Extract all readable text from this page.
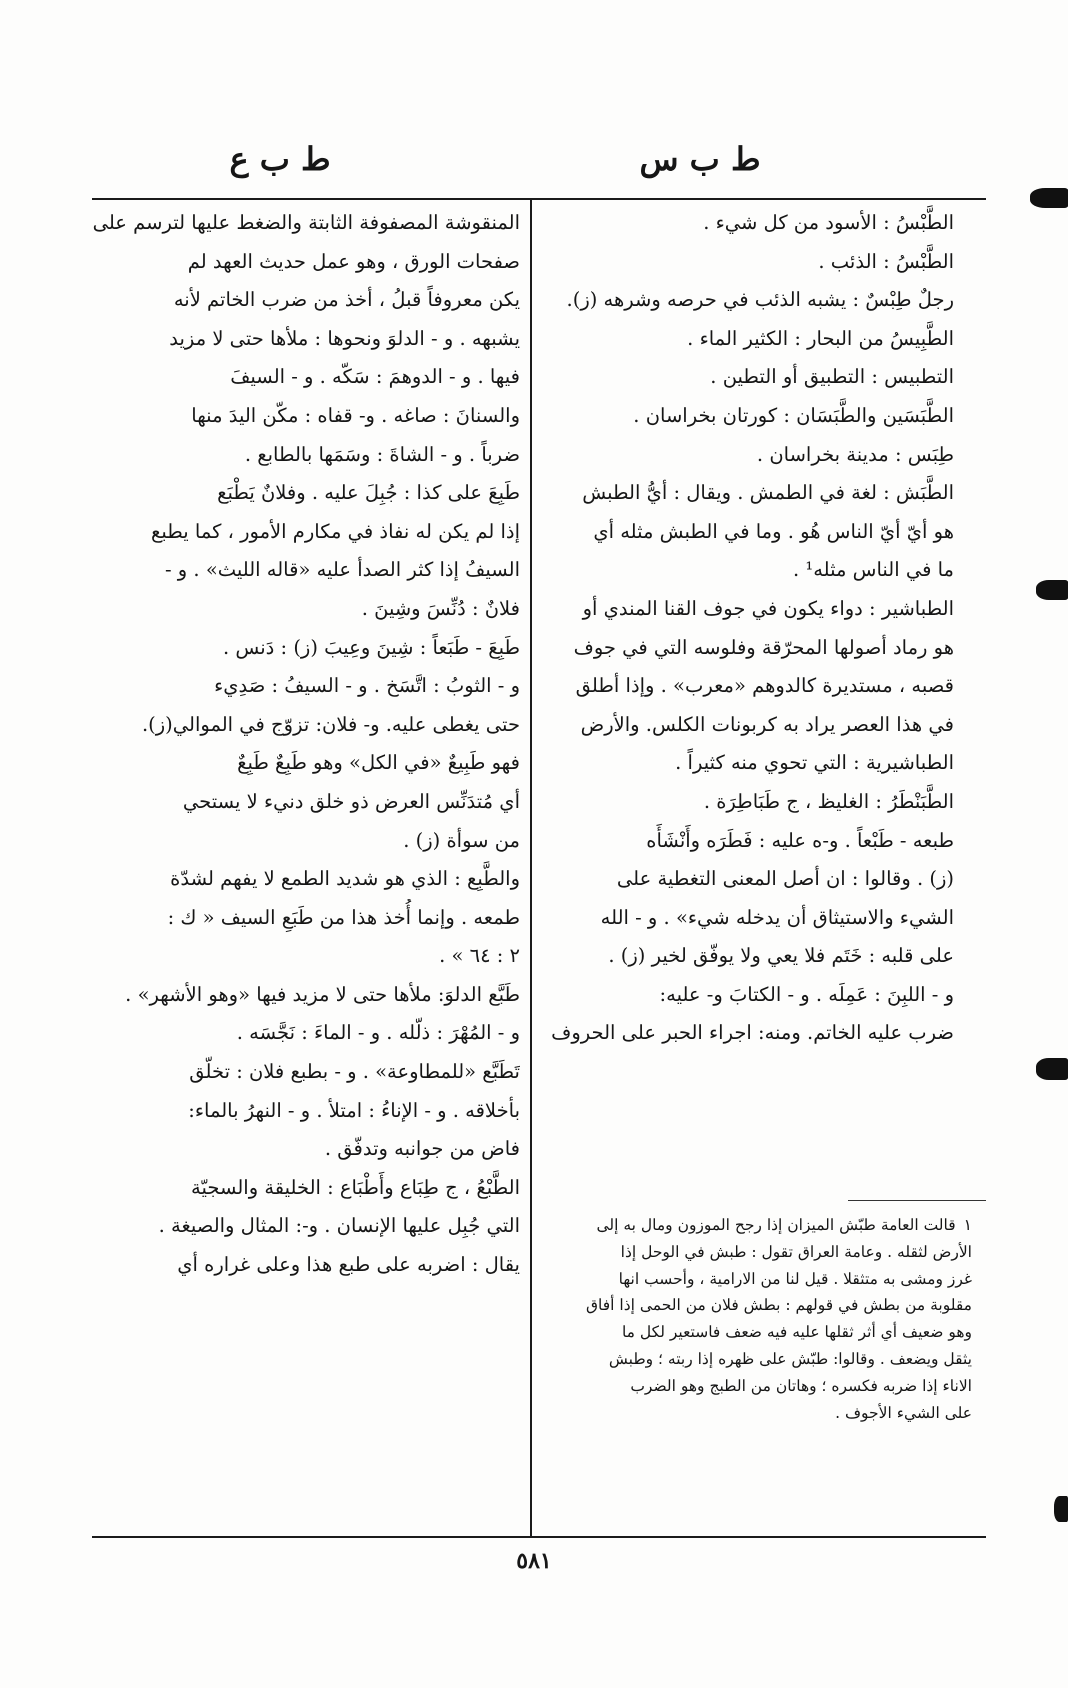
ط ب س
ط ب ع
الطَّبْسُ : الأسود من كل شيء .
الطَّبْسُ : الذئب .
رجلٌ طِبْسٌ : يشبه الذئب في حرصه وشرهه (ز).
الطَّبِيسُ من البحار : الكثير الماء .
التطبيس : التطبيق أو التطين .
الطَّبَسَين والطَّبَسَان : كورتان بخراسان .
طِبَس : مدينة بخراسان .
الطَّبَش : لغة في الطمش . ويقال : أيُّ الطبش
هو أيّ أيّ الناس هُو . وما في الطبش مثله أي
ما في الناس مثله¹ .
الطباشير : دواء يكون في جوف القنا المندي أو
هو رماد أصولها المحرّقة وفلوسه التي في جوف
قصبه ، مستديرة كالدوهم «معرب» . وإذا أطلق
في هذا العصر يراد به كربونات الكلس. والأرض
الطباشيرية : التي تحوي منه كثيراً .
الطَّبَنْطَرُ : الغليظ ، ج طَبَاطِرَة .
طبعه - طَبْعاً . و-ه عليه : فَطَرَه وأَنْشَأَه
(ز) . وقالوا : ان أصل المعنى التغطية على
الشيء والاستيثاق أن يدخله شيء» . و - الله
على قلبه : خَتَم فلا يعي ولا يوفّق لخير (ز) .
و - اللبِنَ : عَمِلَه . و - الكتابَ و- عليه:
ضرب عليه الخاتم. ومنه: اجراء الحبر على الحروف
المنقوشة المصفوفة الثابتة والضغط عليها لترسم على
صفحات الورق ، وهو عمل حديث العهد لم
يكن معروفاً قبلُ ، أخذ من ضرب الخاتم لأنه
يشبهه . و - الدلوَ ونحوها : ملأها حتى لا مزيد
فيها . و - الدوهمَ : سَكّه . و - السيفَ
والسنانَ : صاغه . و- قفاه : مكّن اليدَ منها
ضرباً . و - الشاةَ : وسَمَها بالطابع .
طَبِعَ على كذا : جُبِلَ عليه . وفلانٌ يَطْبَع
إذا لم يكن له نفاذ في مكارم الأمور ، كما يطبع
السيفُ إذا كثر الصدأ عليه «قاله الليث» . و -
فلانٌ : دُنِّسَ وشِينَ .
طَبِعَ - طَبَعاً : شِينَ وعِيبَ (ز) : دَنس .
و - الثوبُ : اتَّسَخ . و - السيفُ : صَدِيء
حتى يغطى عليه. و- فلان: تزوّج في الموالي(ز).
فهو طَبِيعٌ «في الكل» وهو طَبِعٌ طَبِعٌ
أي مُتدَنِّس العرض ذو خلق دنيء لا يستحي
من سوأة (ز) .
والطَّبِع : الذي هو شديد الطمع لا يفهم لشدّة
طمعه . وإنما أُخذ هذا من طَبَعِ السيف « ك :
٢ : ٦٤ » .
طَبَّع الدلوَ: ملأها حتى لا مزيد فيها «وهو الأشهر» .
و - المُهْرَ : ذلّله . و - الماءَ : نَجَّسَه .
تَطَبَّع «للمطاوعة» . و - بطبع فلان : تخلّق
بأخلاقه . و - الإناءُ : امتلأ . و - النهرُ بالماء:
فاض من جوانبه وتدفّق .
الطَّبْعُ ، ج طِبَاع وأَطْبَاع : الخليقة والسجيّة
التي جُبِل عليها الإنسان . و-: المثال والصيغة .
يقال : اضربه على طبع هذا وعلى غراره أي
١قالت العامة طبّش الميزان إذا رجح الموزون ومال به إلى
الأرض لثقله . وعامة العراق تقول : طبش في الوحل إذا
غرز ومشى به متثقلا . قيل لنا من الارامية ، وأحسب انها
مقلوبة من بطش في قولهم : بطش فلان من الحمى إذا أفاق
وهو ضعيف أي أثر ثقلها عليه فيه ضعف فاستعير لكل ما
يثقل ويضعف . وقالوا: طبّش على ظهره إذا ربته ؛ وطبش
الاناء إذا ضربه فكسره ؛ وهاتان من الطبج وهو الضرب
على الشيء الأجوف .
٥٨١
